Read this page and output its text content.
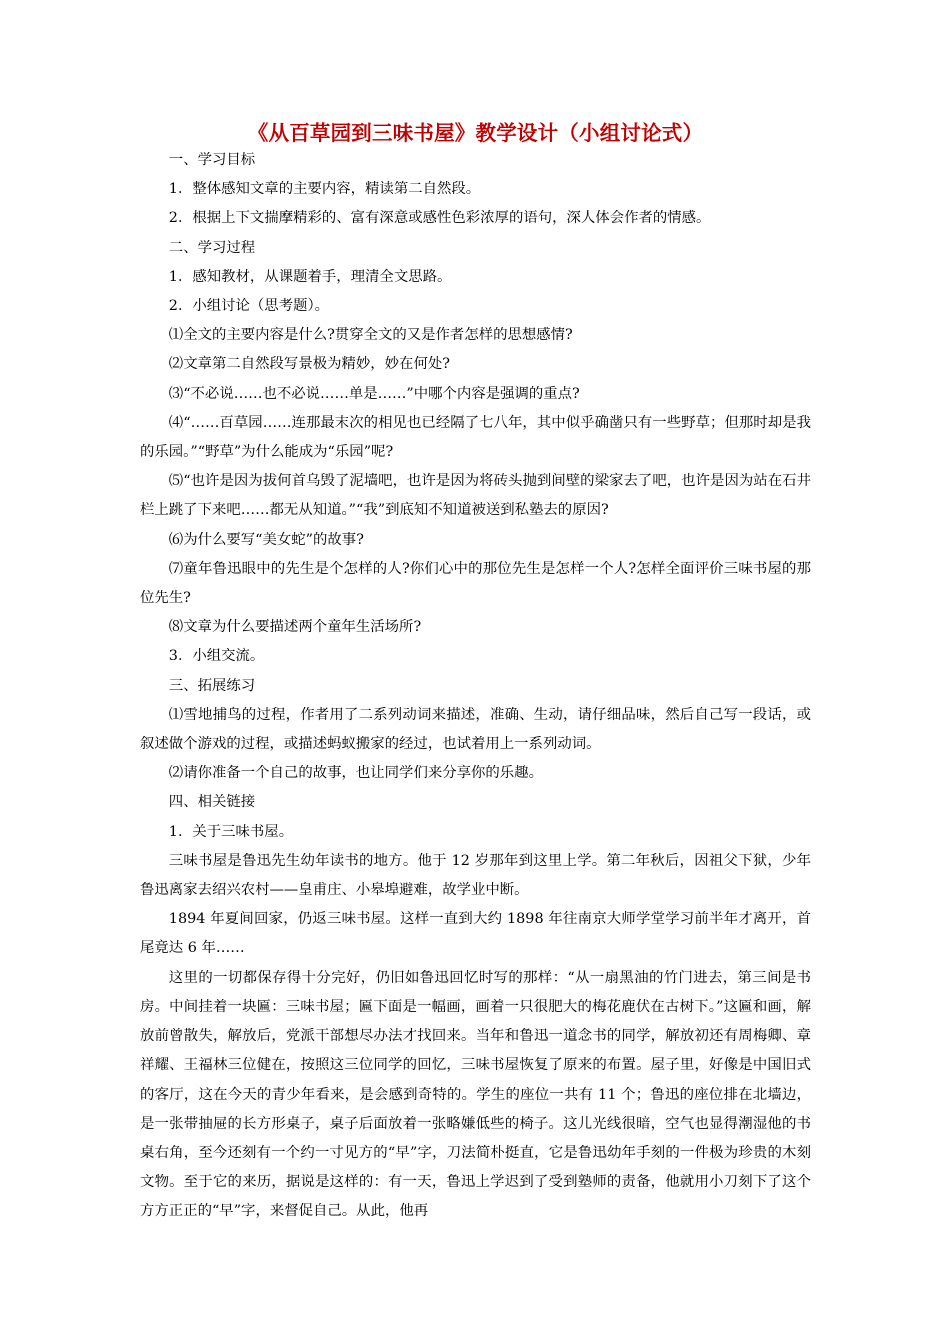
《从百草园到三味书屋》教学设计（小组讨论式）

一、学习目标

1．整体感知文章的主要内容，精读第二自然段。

2．根据上下文揣摩精彩的、富有深意或感性色彩浓厚的语句，深人体会作者的情感。

二、学习过程

1．感知教材，从课题着手，理清全文思路。

2．小组讨论（思考题）。

⑴全文的主要内容是什么?贯穿全文的又是作者怎样的思想感情?

⑵文章第二自然段写景极为精妙，妙在何处?

⑶“不必说……也不必说……单是……”中哪个内容是强调的重点?

⑷“……百草园……连那最末次的相见也已经隔了七八年，其中似乎确凿只有一些野草；但那时却是我的乐园。”“野草”为什么能成为“乐园”呢?

⑸“也许是因为拔何首乌毁了泥墙吧，也许是因为将砖头抛到间壁的梁家去了吧，也许是因为站在石井栏上跳了下来吧……都无从知道。”“我”到底知不知道被送到私塾去的原因?

⑹为什么要写“美女蛇”的故事?

⑺童年鲁迅眼中的先生是个怎样的人?你们心中的那位先生是怎样一个人?怎样全面评价三味书屋的那位先生?

⑻文章为什么要描述两个童年生活场所?

3．小组交流。

三、拓展练习

⑴雪地捕鸟的过程，作者用了二系列动词来描述，准确、生动，请仔细品味，然后自己写一段话，或叙述做个游戏的过程，或描述蚂蚁搬家的经过，也试着用上一系列动词。

⑵请你准备一个自己的故事，也让同学们来分享你的乐趣。

四、相关链接

1．关于三味书屋。

三味书屋是鲁迅先生幼年读书的地方。他于 12 岁那年到这里上学。第二年秋后，因祖父下狱，少年鲁迅离家去绍兴农村——皇甫庄、小皋埠避难，故学业中断。

1894 年夏间回家，仍返三味书屋。这样一直到大约 1898 年往南京大师学堂学习前半年才离开，首尾竟达 6 年……

这里的一切都保存得十分完好，仍旧如鲁迅回忆时写的那样：“从一扇黑油的竹门进去，第三间是书房。中间挂着一块匾：三味书屋；匾下面是一幅画，画着一只很肥大的梅花鹿伏在古树下。”这匾和画，解放前曾散失，解放后，党派干部想尽办法才找回来。当年和鲁迅一道念书的同学，解放初还有周梅卿、章祥耀、王福林三位健在，按照这三位同学的回忆，三味书屋恢复了原来的布置。屋子里，好像是中国旧式的客厅，这在今天的青少年看来，是会感到奇特的。学生的座位一共有 11 个；鲁迅的座位排在北墙边，是一张带抽屉的长方形桌子，桌子后面放着一张略嫌低些的椅子。这儿光线很暗，空气也显得潮湿他的书桌右角，至今还刻有一个约一寸见方的“早”字，刀法简朴挺直，它是鲁迅幼年手刻的一件极为珍贵的木刻文物。至于它的来历，据说是这样的：有一天，鲁迅上学迟到了受到塾师的责备，他就用小刀刻下了这个方方正正的“早”字，来督促自己。从此，他再
